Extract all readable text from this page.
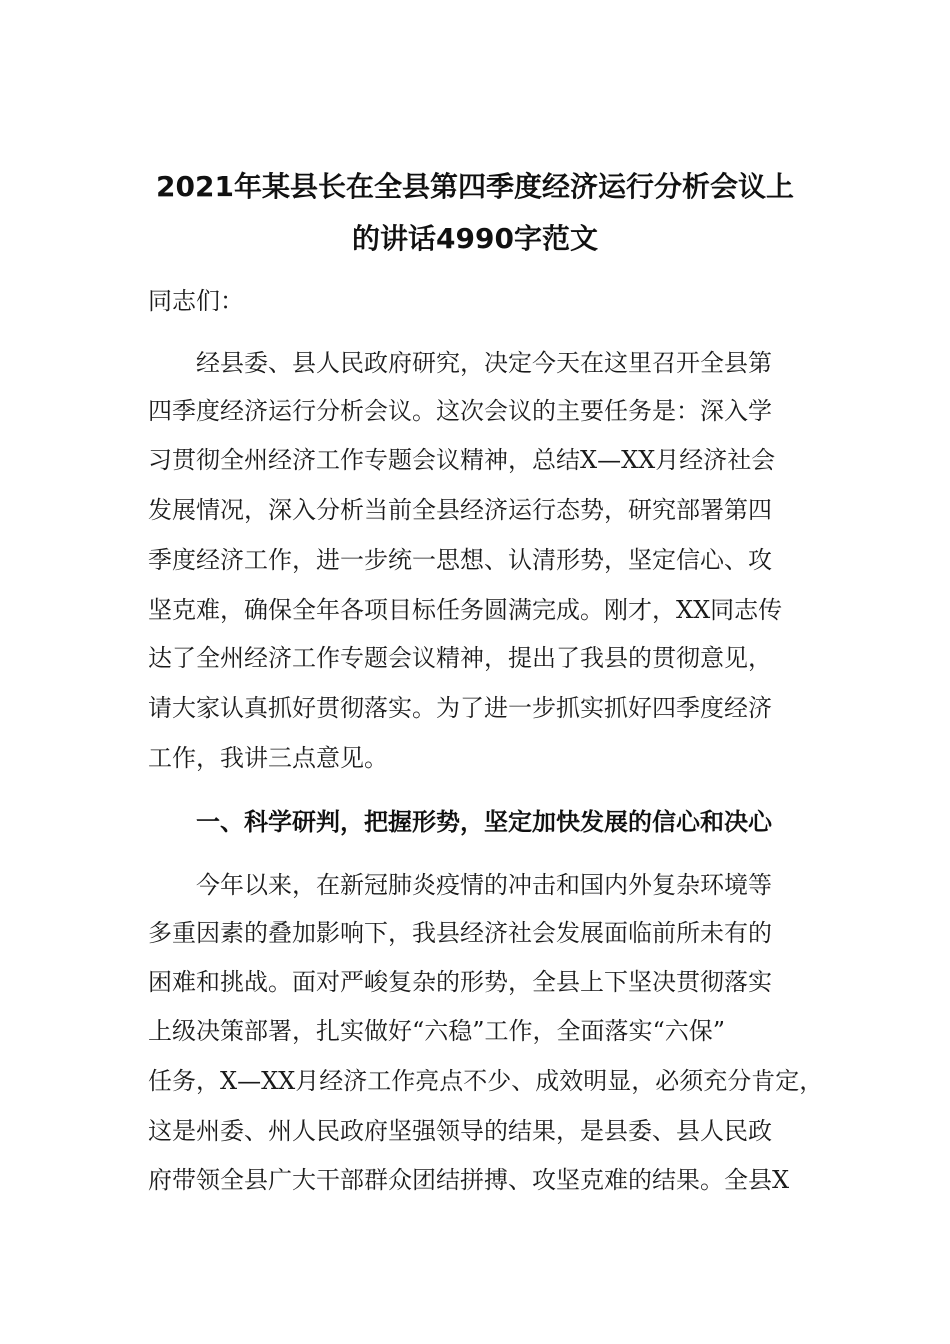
2021年某县长在全县第四季度经济运行分析会议上
的讲话4990字范文
同志们：
经县委、县人民政府研究，决定今天在这里召开全县第
四季度经济运行分析会议。这次会议的主要任务是：深入学
习贯彻全州经济工作专题会议精神，总结X—XX月经济社会
发展情况，深入分析当前全县经济运行态势，研究部署第四
季度经济工作，进一步统一思想、认清形势，坚定信心、攻
坚克难，确保全年各项目标任务圆满完成。刚才，XX同志传
达了全州经济工作专题会议精神，提出了我县的贯彻意见，
请大家认真抓好贯彻落实。为了进一步抓实抓好四季度经济
工作，我讲三点意见。
一、科学研判，把握形势，坚定加快发展的信心和决心
今年以来，在新冠肺炎疫情的冲击和国内外复杂环境等
多重因素的叠加影响下，我县经济社会发展面临前所未有的
困难和挑战。面对严峻复杂的形势，全县上下坚决贯彻落实
上级决策部署，扎实做好“六稳”工作，全面落实“六保”
任务，X—XX月经济工作亮点不少、成效明显，必须充分肯定，
这是州委、州人民政府坚强领导的结果，是县委、县人民政
府带领全县广大干部群众团结拼搏、攻坚克难的结果。全县X
